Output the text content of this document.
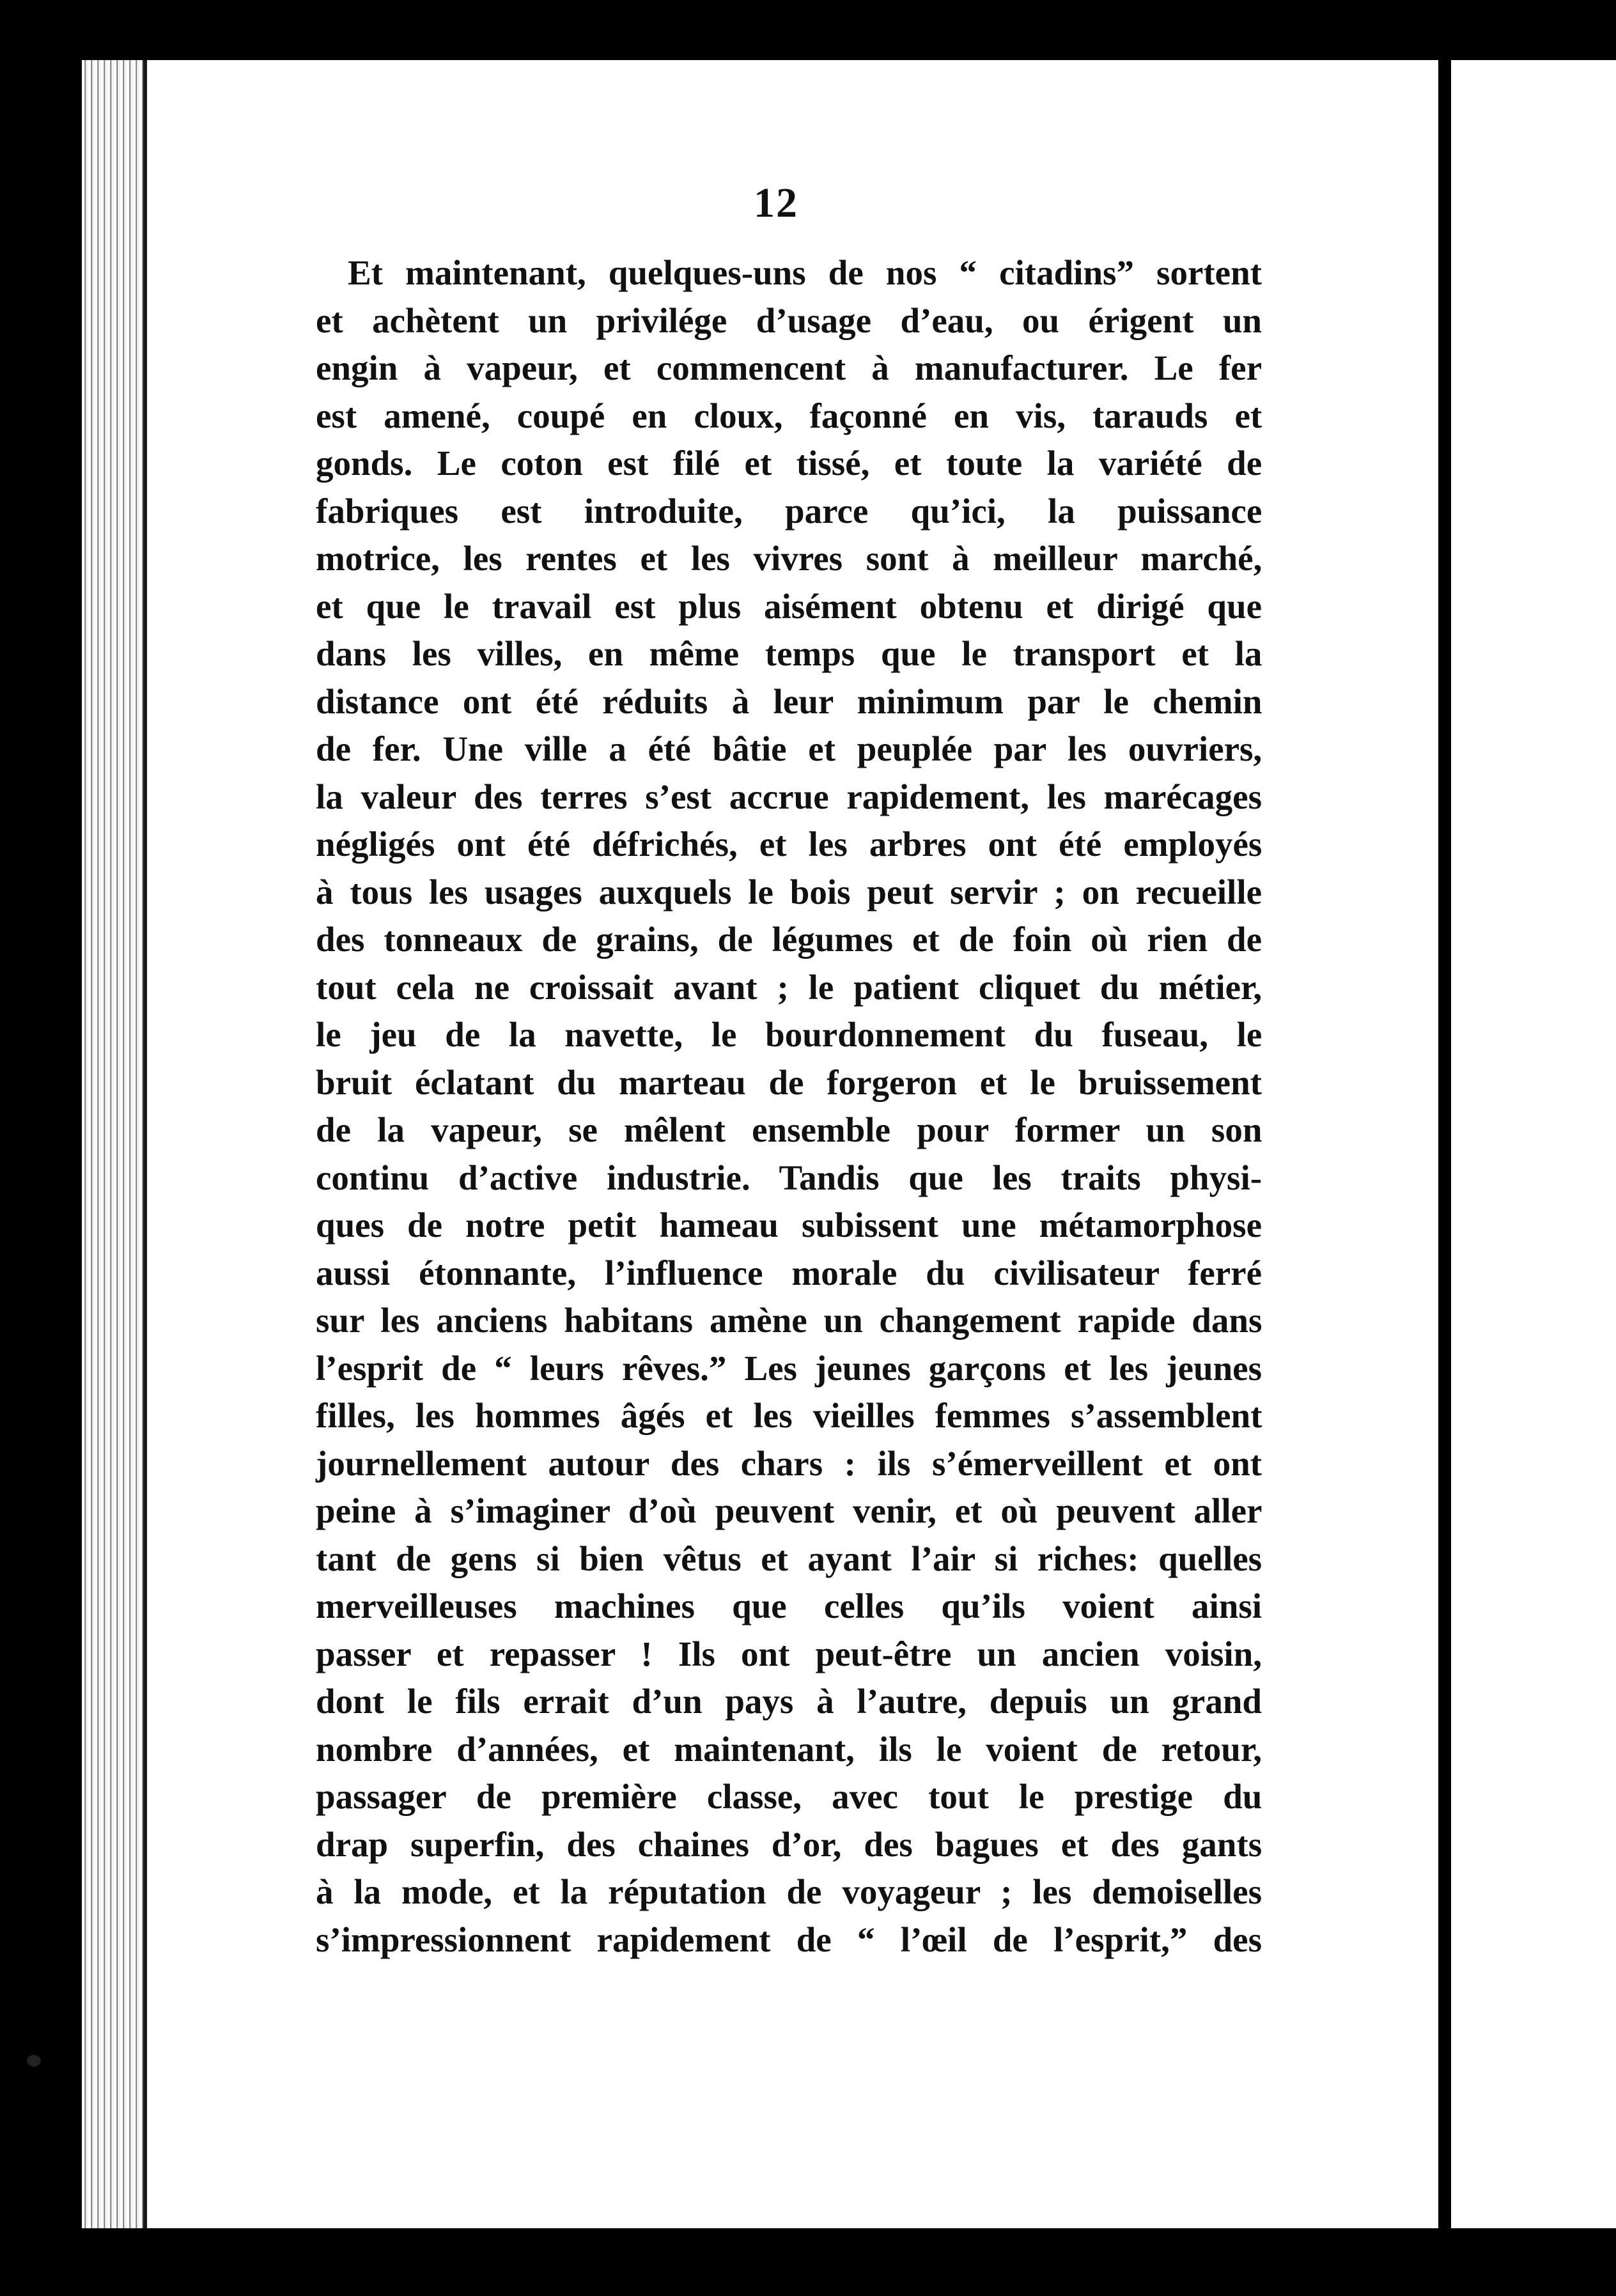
12
Et maintenant, quelques-uns de nos “ citadins” sortent
et achètent un privilége d’usage d’eau, ou érigent un
engin à vapeur, et commencent à manufacturer. Le fer
est amené, coupé en cloux, façonné en vis, tarauds et
gonds. Le coton est filé et tissé, et toute la variété de
fabriques est introduite, parce qu’ici, la puissance
motrice, les rentes et les vivres sont à meilleur marché,
et que le travail est plus aisément obtenu et dirigé que
dans les villes, en même temps que le transport et la
distance ont été réduits à leur minimum par le chemin
de fer. Une ville a été bâtie et peuplée par les ouvriers,
la valeur des terres s’est accrue rapidement, les marécages
négligés ont été défrichés, et les arbres ont été employés
à tous les usages auxquels le bois peut servir ; on recueille
des tonneaux de grains, de légumes et de foin où rien de
tout cela ne croissait avant ; le patient cliquet du métier,
le jeu de la navette, le bourdonnement du fuseau, le
bruit éclatant du marteau de forgeron et le bruissement
de la vapeur, se mêlent ensemble pour former un son
continu d’active industrie. Tandis que les traits physi-
ques de notre petit hameau subissent une métamorphose
aussi étonnante, l’influence morale du civilisateur ferré
sur les anciens habitans amène un changement rapide dans
l’esprit de “ leurs rêves.” Les jeunes garçons et les jeunes
filles, les hommes âgés et les vieilles femmes s’assemblent
journellement autour des chars : ils s’émerveillent et ont
peine à s’imaginer d’où peuvent venir, et où peuvent aller
tant de gens si bien vêtus et ayant l’air si riches: quelles
merveilleuses machines que celles qu’ils voient ainsi
passer et repasser ! Ils ont peut-être un ancien voisin,
dont le fils errait d’un pays à l’autre, depuis un grand
nombre d’années, et maintenant, ils le voient de retour,
passager de première classe, avec tout le prestige du
drap superfin, des chaines d’or, des bagues et des gants
à la mode, et la réputation de voyageur ; les demoiselles
s’impressionnent rapidement de “ l’œil de l’esprit,” des
